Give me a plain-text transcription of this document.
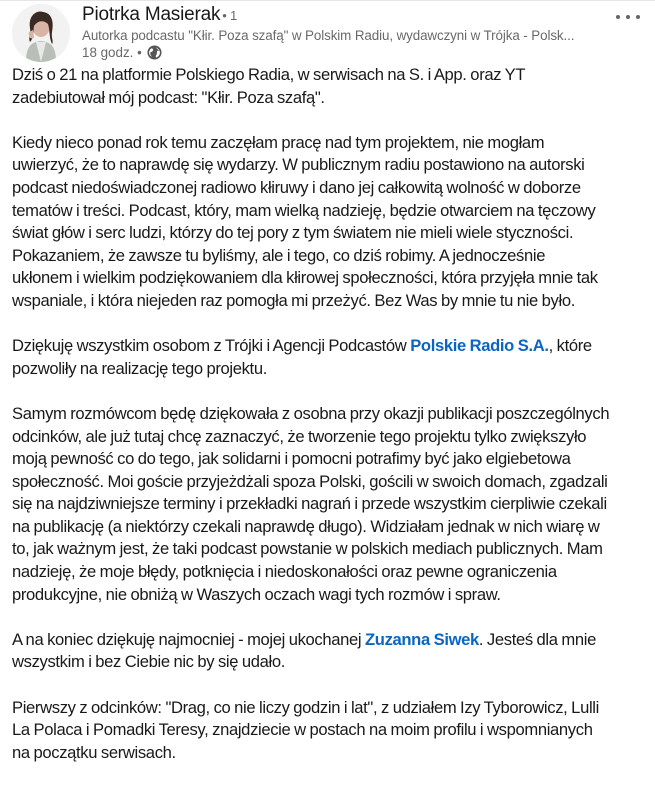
Piotrka Masierak • 1
Autorka podcastu "Kłir. Poza szafą" w Polskim Radiu, wydawczyni w Trójka - Polsk...
18 godz. •

Dziś o 21 na platformie Polskiego Radia, w serwisach na S. i App. oraz YT
zadebiutował mój podcast: "Kłir. Poza szafą".

Kiedy nieco ponad rok temu zaczęłam pracę nad tym projektem, nie mogłam
uwierzyć, że to naprawdę się wydarzy. W publicznym radiu postawiono na autorski
podcast niedoświadczonej radiowo kłiruwy i dano jej całkowitą wolność w doborze
tematów i treści. Podcast, który, mam wielką nadzieję, będzie otwarciem na tęczowy
świat głów i serc ludzi, którzy do tej pory z tym światem nie mieli wiele styczności.
Pokazaniem, że zawsze tu byliśmy, ale i tego, co dziś robimy. A jednocześnie
ukłonem i wielkim podziękowaniem dla kłirowej społeczności, która przyjęła mnie tak
wspaniale, i która niejeden raz pomogła mi przeżyć. Bez Was by mnie tu nie było.

Dziękuję wszystkim osobom z Trójki i Agencji Podcastów Polskie Radio S.A., które
pozwoliły na realizację tego projektu.

Samym rozmówcom będę dziękowała z osobna przy okazji publikacji poszczególnych
odcinków, ale już tutaj chcę zaznaczyć, że tworzenie tego projektu tylko zwiększyło
moją pewność co do tego, jak solidarni i pomocni potrafimy być jako elgiebetowa
społeczność. Moi goście przyjeżdżali spoza Polski, gościli w swoich domach, zgadzali
się na najdziwniejsze terminy i przekładki nagrań i przede wszystkim cierpliwie czekali
na publikację (a niektórzy czekali naprawdę długo). Widziałam jednak w nich wiarę w
to, jak ważnym jest, że taki podcast powstanie w polskich mediach publicznych. Mam
nadzieję, że moje błędy, potknięcia i niedoskonałości oraz pewne ograniczenia
produkcyjne, nie obniżą w Waszych oczach wagi tych rozmów i spraw.

A na koniec dziękuję najmocniej - mojej ukochanej Zuzanna Siwek. Jesteś dla mnie
wszystkim i bez Ciebie nic by się udało.

Pierwszy z odcinków: "Drag, co nie liczy godzin i lat", z udziałem Izy Tyborowicz, Lulli
La Polaca i Pomadki Teresy, znajdziecie w postach na moim profilu i wspomnianych
na początku serwisach.
